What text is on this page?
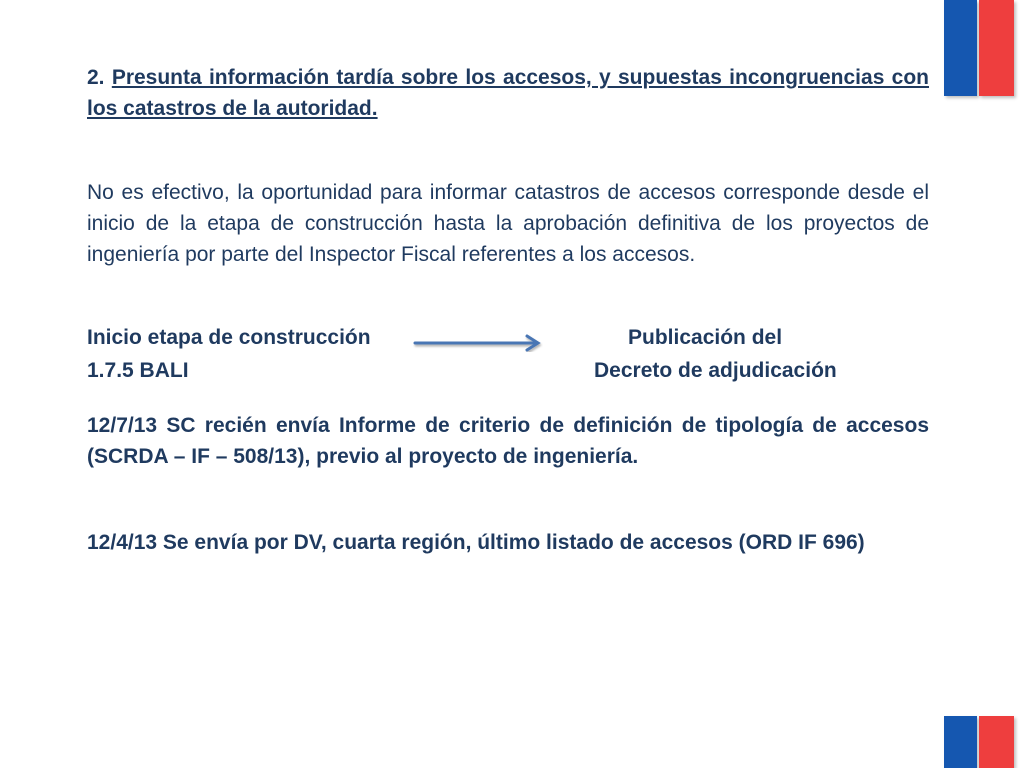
2. Presunta información tardía sobre los accesos, y supuestas incongruencias con los catastros de la autoridad.

No es efectivo, la oportunidad para informar catastros de accesos corresponde desde el inicio de la etapa de construcción hasta la aprobación definitiva de los proyectos de ingeniería por parte del Inspector Fiscal referentes a los accesos.

Inicio etapa de construcción
1.7.5 BALI
Publicación del
Decreto de adjudicación

12/7/13 SC recién envía Informe de criterio de definición de tipología de accesos (SCRDA – IF – 508/13), previo al proyecto de ingeniería.

12/4/13 Se envía por DV, cuarta región, último listado de accesos (ORD IF 696)
